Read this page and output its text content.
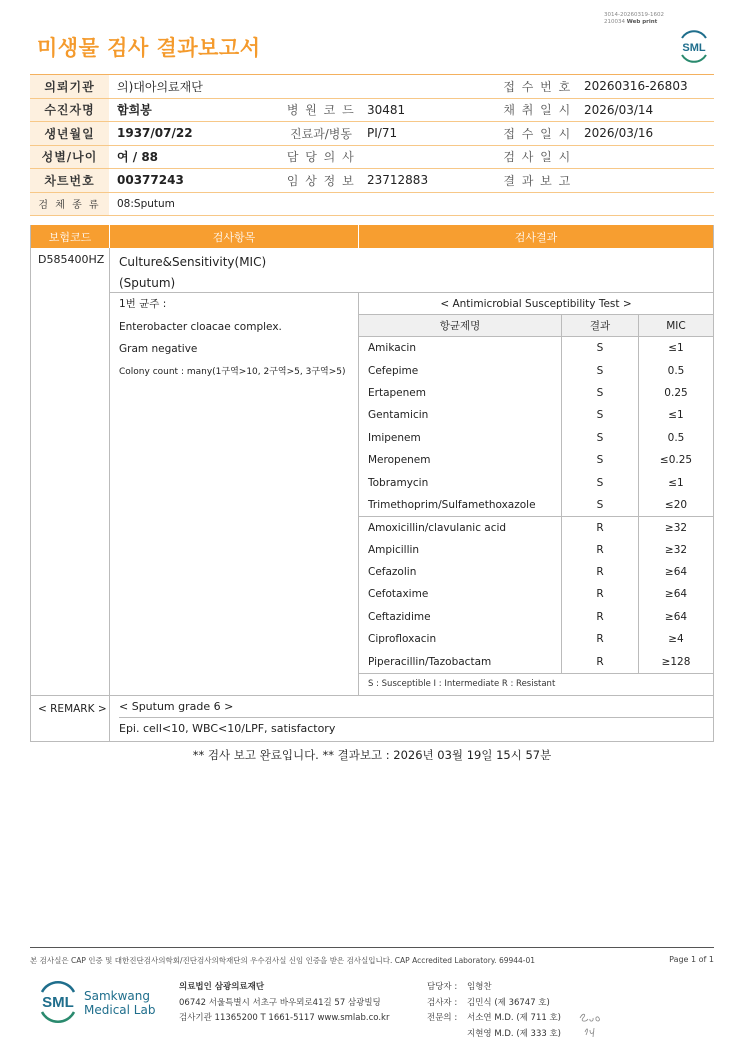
3014-20260319-1602
210034 Web print
SML
미생물 검사 결과보고서
의뢰기관	의)대아의료재단	접 수 번 호	20260316-26803
수진자명	함희봉	병 원 코 드 30481	채 취 일 시	2026/03/14
생년월일	1937/07/22	진료과/병동	PI/71	접 수 일 시	2026/03/16
성별/나이	여 / 88	담 당 의 사	검 사 일 시
차트번호	00377243	임 상 정 보 23712883	결 과 보 고
검 체 종 류	08:Sputum
보험코드	검사항목	검사결과
D585400HZ	Culture&Sensitivity(MIC)
(Sputum)
1번 균주 :
Enterobacter cloacae complex.
Gram negative
Colony count : many(1구역>10, 2구역>5, 3구역>5)
< Antimicrobial Susceptibility Test >
항균제명	결과	MIC
Amikacin	S	≤1
Cefepime	S	0.5
Ertapenem	S	0.25
Gentamicin	S	≤1
Imipenem	S	0.5
Meropenem	S	≤0.25
Tobramycin	S	≤1
Trimethoprim/Sulfamethoxazole	S	≤20
Amoxicillin/clavulanic acid	R	≥32
Ampicillin	R	≥32
Cefazolin	R	≥64
Cefotaxime	R	≥64
Ceftazidime	R	≥64
Ciprofloxacin	R	≥4
Piperacillin/Tazobactam	R	≥128
S : Susceptible I : Intermediate R : Resistant
< REMARK >	< Sputum grade 6 >
Epi. cell<10, WBC<10/LPF, satisfactory
** 검사 보고 완료입니다. ** 결과보고 : 2026년 03월 19일 15시 57분
본 검사실은 CAP 인증 및 대한진단검사의학회/진단검사의학재단의 우수검사실 신임 인증을 받은 검사실입니다. CAP Accredited Laboratory. 69944-01	Page 1 of 1
SML Samkwang
Medical Lab
의료법인 삼광의료재단
06742 서울특별시 서초구 바우뫼로41길 57 삼광빌딩
검사기관 11365200 T 1661-5117 www.smlab.co.kr
담당자 : 임형찬
검사자 : 김민식 (제 36747 호)
전문의 : 서소연 M.D. (제 711 호)
지현영 M.D. (제 333 호)
